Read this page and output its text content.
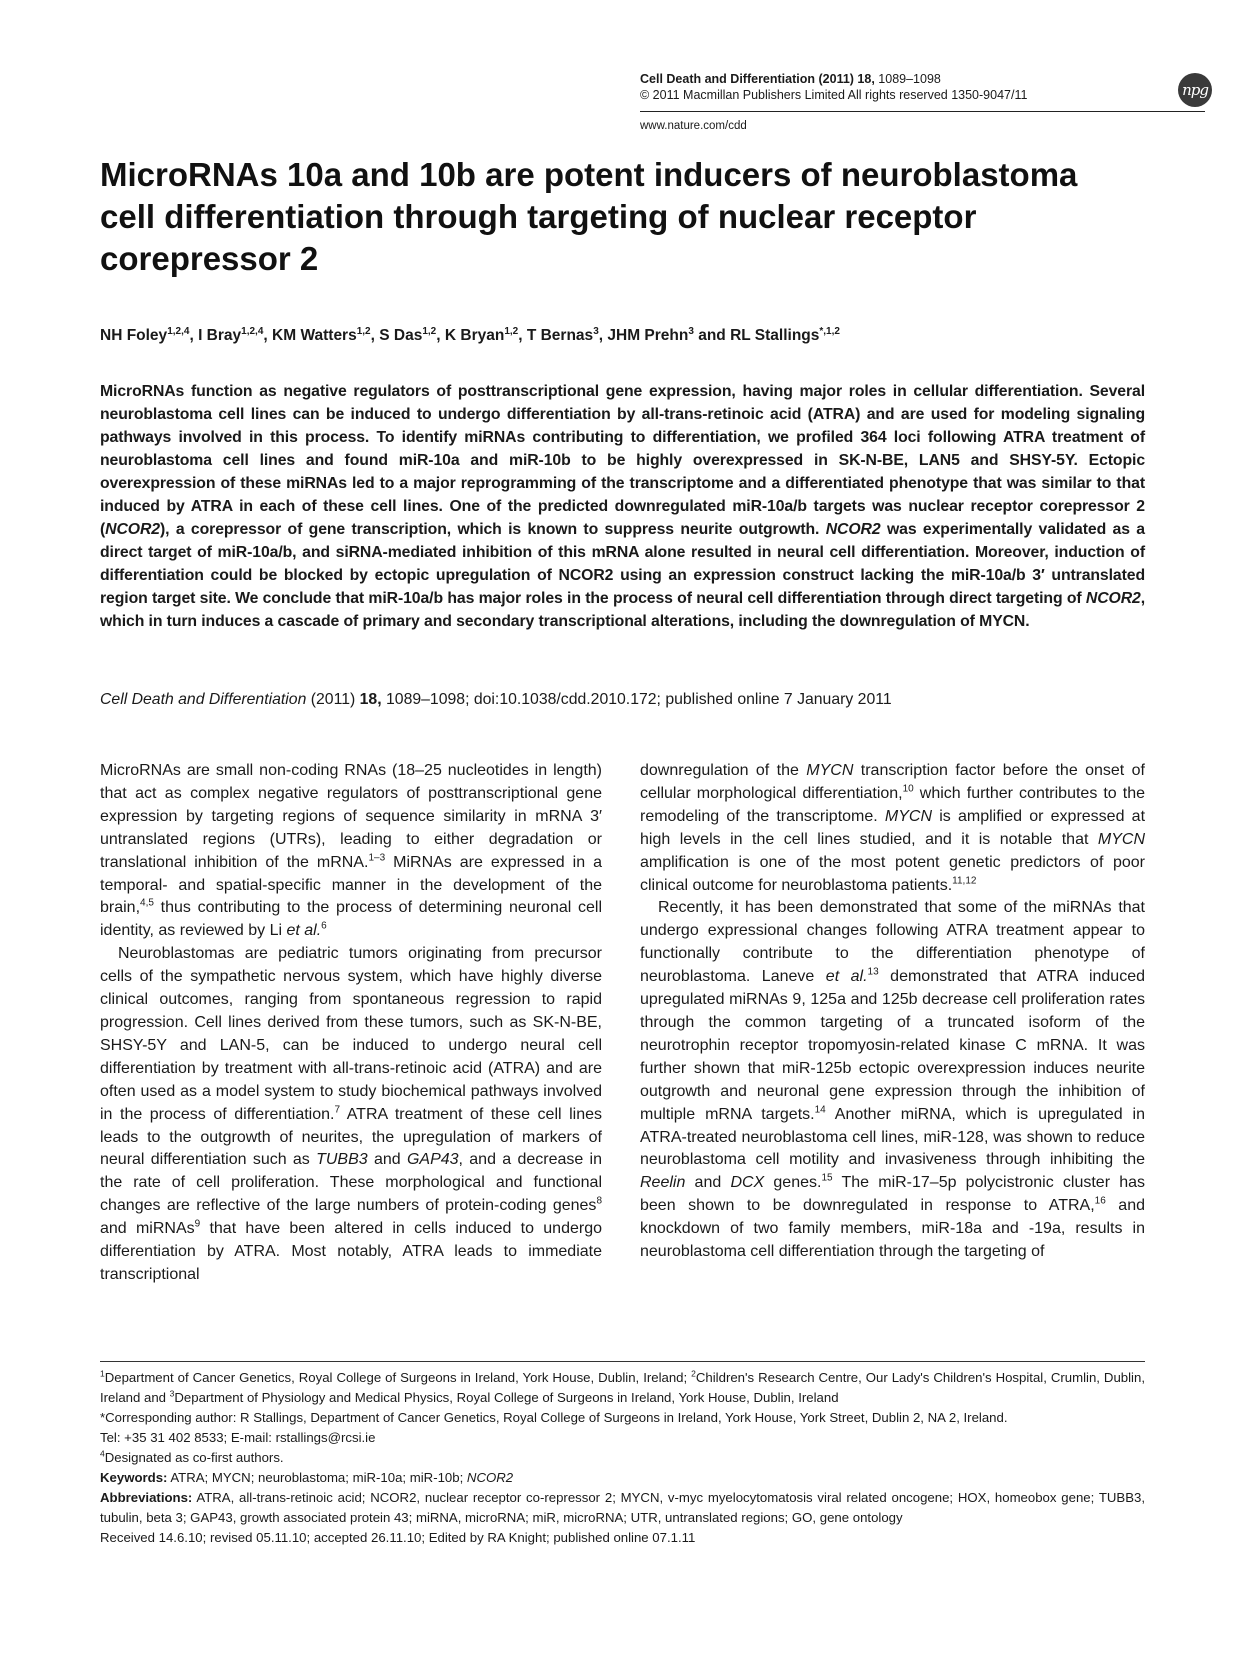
Cell Death and Differentiation (2011) 18, 1089–1098
© 2011 Macmillan Publishers Limited All rights reserved 1350-9047/11
www.nature.com/cdd
npg
MicroRNAs 10a and 10b are potent inducers of neuroblastoma cell differentiation through targeting of nuclear receptor corepressor 2
NH Foley$^{1,2,4}$, I Bray$^{1,2,4}$, KM Watters$^{1,2}$, S Das$^{1,2}$, K Bryan$^{1,2}$, T Bernas$^3$, JHM Prehn$^3$ and RL Stallings$^{*,1,2}$

MicroRNAs function as negative regulators of posttranscriptional gene expression, having major roles in cellular differentiation. Several neuroblastoma cell lines can be induced to undergo differentiation by all-trans-retinoic acid (ATRA) and are used for modeling signaling pathways involved in this process. To identify miRNAs contributing to differentiation, we profiled 364 loci following ATRA treatment of neuroblastoma cell lines and found miR-10a and miR-10b to be highly overexpressed in SK-N-BE, LAN5 and SHSY-5Y. Ectopic overexpression of these miRNAs led to a major reprogramming of the transcriptome and a differentiated phenotype that was similar to that induced by ATRA in each of these cell lines. One of the predicted downregulated miR-10a/b targets was nuclear receptor corepressor 2 (NCOR2), a corepressor of gene transcription, which is known to suppress neurite outgrowth. NCOR2 was experimentally validated as a direct target of miR-10a/b, and siRNA-mediated inhibition of this mRNA alone resulted in neural cell differentiation. Moreover, induction of differentiation could be blocked by ectopic upregulation of NCOR2 using an expression construct lacking the miR-10a/b 3′ untranslated region target site. We conclude that miR-10a/b has major roles in the process of neural cell differentiation through direct targeting of NCOR2, which in turn induces a cascade of primary and secondary transcriptional alterations, including the downregulation of MYCN.

Cell Death and Differentiation (2011) 18, 1089–1098; doi:10.1038/cdd.2010.172; published online 7 January 2011

MicroRNAs are small non-coding RNAs (18–25 nucleotides in length) that act as complex negative regulators of posttranscriptional gene expression by targeting regions of sequence similarity in mRNA 3′ untranslated regions (UTRs), leading to either degradation or translational inhibition of the mRNA.$^{1-3}$ MiRNAs are expressed in a temporal- and spatial-specific manner in the development of the brain,$^{4,5}$ thus contributing to the process of determining neuronal cell identity, as reviewed by Li et al.$^6$

Neuroblastomas are pediatric tumors originating from precursor cells of the sympathetic nervous system, which have highly diverse clinical outcomes, ranging from spontaneous regression to rapid progression. Cell lines derived from these tumors, such as SK-N-BE, SHSY-5Y and LAN-5, can be induced to undergo neural cell differentiation by treatment with all-trans-retinoic acid (ATRA) and are often used as a model system to study biochemical pathways involved in the process of differentiation.$^7$ ATRA treatment of these cell lines leads to the outgrowth of neurites, the upregulation of markers of neural differentiation such as TUBB3 and GAP43, and a decrease in the rate of cell proliferation. These morphological and functional changes are reflective of the large numbers of protein-coding genes$^8$ and miRNAs$^9$ that have been altered in cells induced to undergo differentiation by ATRA. Most notably, ATRA leads to immediate transcriptional

downregulation of the MYCN transcription factor before the onset of cellular morphological differentiation,$^{10}$ which further contributes to the remodeling of the transcriptome. MYCN is amplified or expressed at high levels in the cell lines studied, and it is notable that MYCN amplification is one of the most potent genetic predictors of poor clinical outcome for neuroblastoma patients.$^{11,12}$

Recently, it has been demonstrated that some of the miRNAs that undergo expressional changes following ATRA treatment appear to functionally contribute to the differentiation phenotype of neuroblastoma. Laneve et al.$^{13}$ demonstrated that ATRA induced upregulated miRNAs 9, 125a and 125b decrease cell proliferation rates through the common targeting of a truncated isoform of the neurotrophin receptor tropomyosin-related kinase C mRNA. It was further shown that miR-125b ectopic overexpression induces neurite outgrowth and neuronal gene expression through the inhibition of multiple mRNA targets.$^{14}$ Another miRNA, which is upregulated in ATRA-treated neuroblastoma cell lines, miR-128, was shown to reduce neuroblastoma cell motility and invasiveness through inhibiting the Reelin and DCX genes.$^{15}$ The miR-17–5p polycistronic cluster has been shown to be downregulated in response to ATRA,$^{16}$ and knockdown of two family members, miR-18a and -19a, results in neuroblastoma cell differentiation through the targeting of

$^1$Department of Cancer Genetics, Royal College of Surgeons in Ireland, York House, Dublin, Ireland; $^2$Children's Research Centre, Our Lady's Children's Hospital, Crumlin, Dublin, Ireland and $^3$Department of Physiology and Medical Physics, Royal College of Surgeons in Ireland, York House, Dublin, Ireland

*Corresponding author: R Stallings, Department of Cancer Genetics, Royal College of Surgeons in Ireland, York House, York Street, Dublin 2, NA 2, Ireland.

Tel: +35 31 402 8533; E-mail: rstallings@rcsi.ie

$^4$Designated as co-first authors.

Keywords: ATRA; MYCN; neuroblastoma; miR-10a; miR-10b; NCOR2

Abbreviations: ATRA, all-trans-retinoic acid; NCOR2, nuclear receptor co-repressor 2; MYCN, v-myc myelocytomatosis viral related oncogene; HOX, homeobox gene; TUBB3, tubulin, beta 3; GAP43, growth associated protein 43; miRNA, microRNA; miR, microRNA; UTR, untranslated regions; GO, gene ontology

Received 14.6.10; revised 05.11.10; accepted 26.11.10; Edited by RA Knight; published online 07.1.11
